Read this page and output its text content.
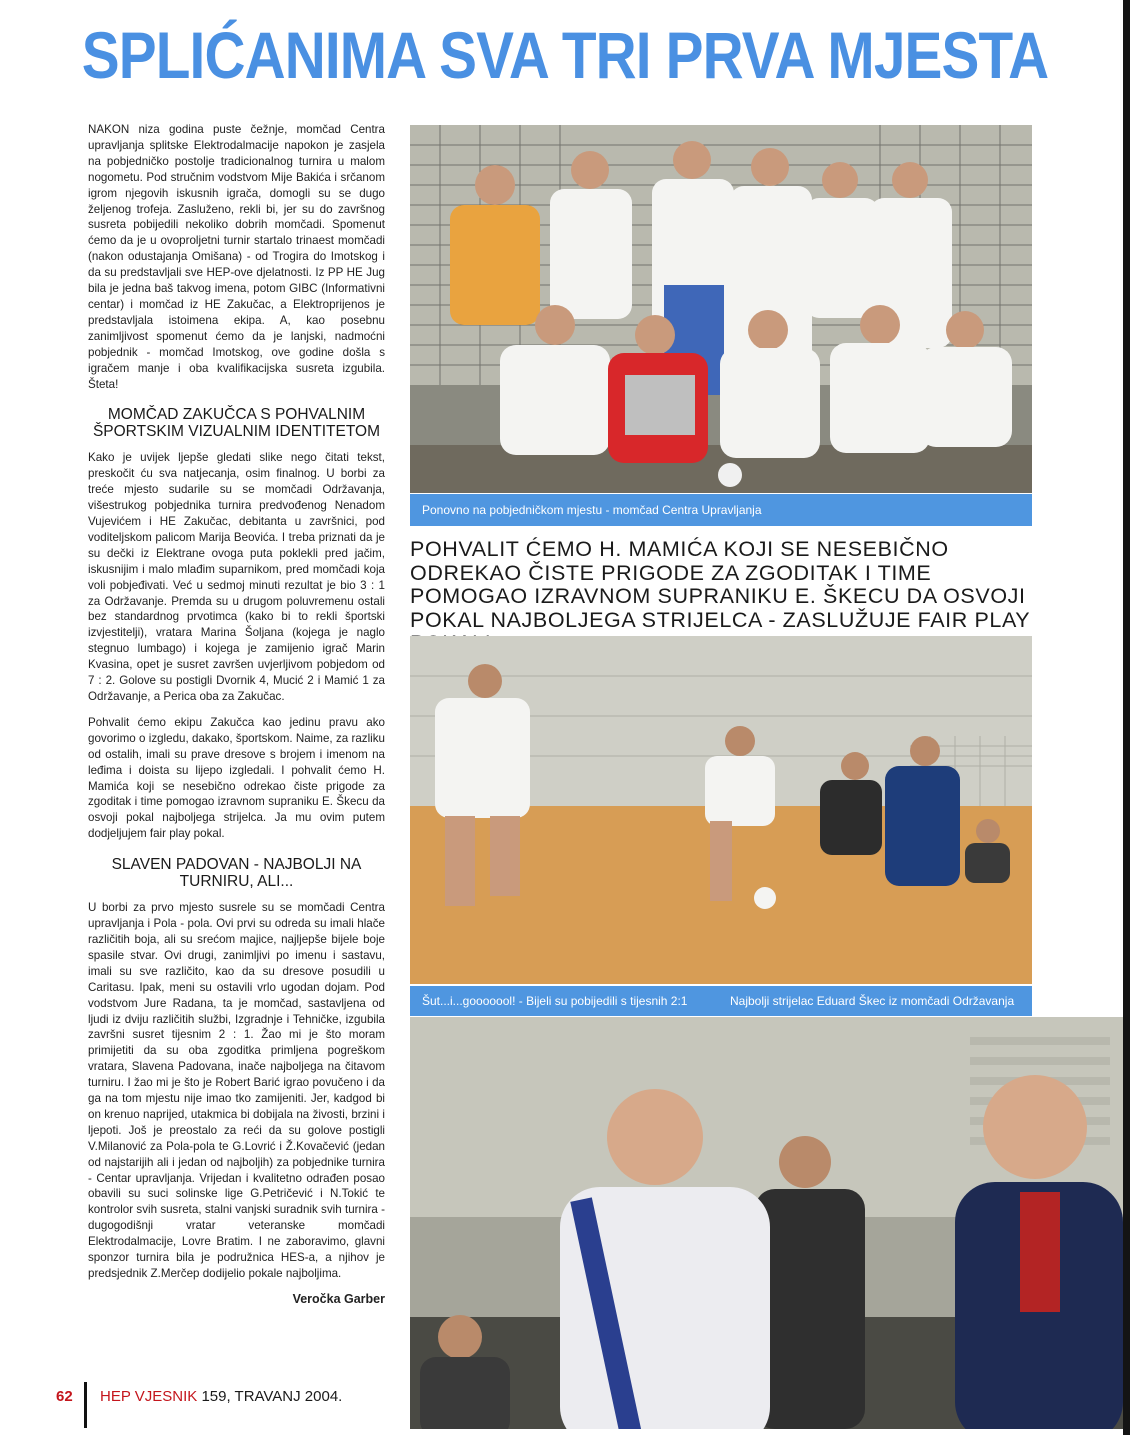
SPLIĆANIMA SVA TRI PRVA MJESTA

NAKON niza godina puste čežnje, momčad Centra upravljanja splitske Elektrodalmacije napokon je zasjela na pobjedničko postolje tradicionalnog turnira u malom nogometu. Pod stručnim vodstvom Mije Bakića i srčanom igrom njegovih iskusnih igrača, domogli su se dugo željenog trofeja. Zasluženo, rekli bi, jer su do završnog susreta pobijedili nekoliko dobrih momčadi. Spomenut ćemo da je u ovoproljetni turnir startalo trinaest momčadi (nakon odustajanja Omišana) - od Trogira do Imotskog i da su predstavljali sve HEP-ove djelatnosti. Iz PP HE Jug bila je jedna baš takvog imena, potom GIBC (Informativni centar) i momčad iz HE Zakučac, a Elektroprijenos je predstavljala istoimena ekipa. A, kao posebnu zanimljivost spomenut ćemo da je lanjski, nadmoćni pobjednik - momčad Imotskog, ove godine došla s igračem manje i oba kvalifikacijska susreta izgubila. Šteta!

MOMČAD ZAKUČCA S POHVALNIM ŠPORTSKIM VIZUALNIM IDENTITETOM

Kako je uvijek ljepše gledati slike nego čitati tekst, preskočit ću sva natjecanja, osim finalnog. U borbi za treće mjesto sudarile su se momčadi Održavanja, višestrukog pobjednika turnira predvođenog Nenadom Vujevićem i HE Zakučac, debitanta u završnici, pod voditeljskom palicom Marija Beovića. I treba priznati da je su dečki iz Elektrane ovoga puta poklekli pred jačim, iskusnijim i malo mlađim suparnikom, pred momčadi koja voli pobjeđivati. Već u sedmoj minuti rezultat je bio 3 : 1 za Održavanje. Premda su u drugom poluvremenu ostali bez standardnog prvotimca (kako bi to rekli športski izvjestitelji), vratara Marina Šoljana (kojega je naglo stegnuo lumbago) i kojega je zamijenio igrač Marin Kvasina, opet je susret završen uvjerljivom pobjedom od 7 : 2. Golove su postigli Dvornik 4, Mucić 2 i Mamić 1 za Održavanje, a Perica oba za Zakučac.

Pohvalit ćemo ekipu Zakučca kao jedinu pravu ako govorimo o izgledu, dakako, športskom. Naime, za razliku od ostalih, imali su prave dresove s brojem i imenom na leđima i doista su lijepo izgledali. I pohvalit ćemo H. Mamića koji se nesebično odrekao čiste prigode za zgoditak i time pomogao izravnom supraniku E. Škecu da osvoji pokal najboljega strijelca. Ja mu ovim putem dodjeljujem fair play pokal.

SLAVEN PADOVAN - NAJBOLJI NA TURNIRU, ALI...

U borbi za prvo mjesto susrele su se momčadi Centra upravljanja i Pola - pola. Ovi prvi su odreda su imali hlače različitih boja, ali su srećom majice, najljepše bijele boje spasile stvar. Ovi drugi, zanimljivi po imenu i sastavu, imali su sve različito, kao da su dresove posudili u Caritasu. Ipak, meni su ostavili vrlo ugodan dojam. Pod vodstvom Jure Radana, ta je momčad, sastavljena od ljudi iz dviju različitih službi, Izgradnje i Tehničke, izgubila završni susret tijesnim 2 : 1. Žao mi je što moram primijetiti da su oba zgoditka primljena pogreškom vratara, Slavena Padovana, inače najboljega na čitavom turniru. I žao mi je što je Robert Barić igrao povučeno i da ga na tom mjestu nije imao tko zamijeniti. Jer, kadgod bi on krenuo naprijed, utakmica bi dobijala na živosti, brzini i ljepoti. Još je preostalo za reći da su golove postigli V.Milanović za Pola-pola te G.Lovrić i Ž.Kovačević (jedan od najstarijih ali i jedan od najboljih) za pobjednike turnira - Centar upravljanja. Vrijedan i kvalitetno odrađen posao obavili su suci solinske lige G.Petričević i N.Tokić te kontrolor svih susreta, stalni vanjski suradnik svih turnira - dugogodišnji vratar veteranske momčadi Elektrodalmacije, Lovre Bratim. I ne zaboravimo, glavni sponzor turnira bila je podružnica HES-a, a njihov je predsjednik Z.Merčep dodijelio pokale najboljima.

Veročka Garber
Ponovno na pobjedničkom mjestu - momčad Centra Upravljanja
POHVALIT ĆEMO H. MAMIĆA KOJI SE NESEBIČNO ODREKAO ČISTE PRIGODE ZA ZGODITAK I TIME POMOGAO IZRAVNOM SUPRANIKU E. ŠKECU DA OSVOJI POKAL NAJBOLJEGA STRIJELCA - ZASLUŽUJE FAIR PLAY
Šut...i...gooooool! - Bijeli su pobijedili s tijesnih 2:1	Najbolji strijelac Eduard Škec iz momčadi Održavanja
62 HEP VJESNIK 159, TRAVANJ 2004.
